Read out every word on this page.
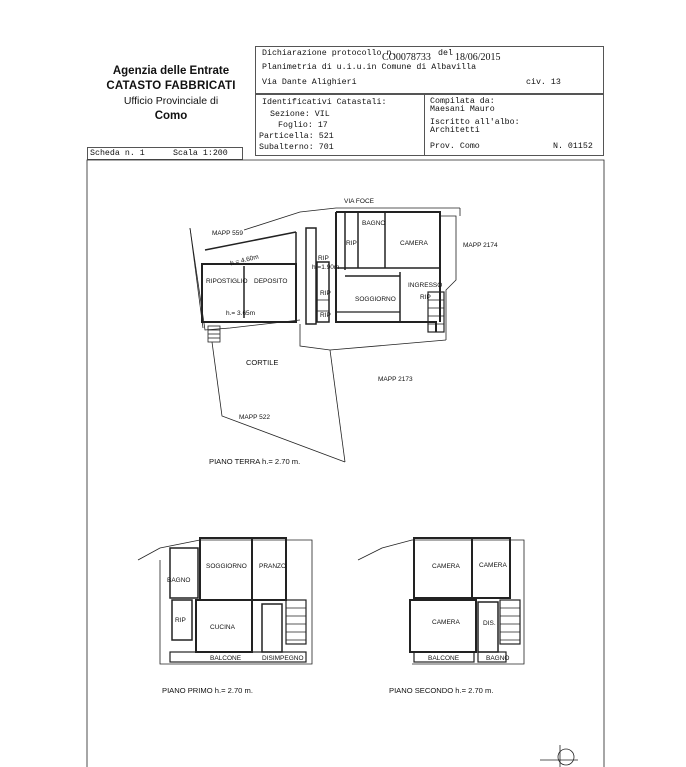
Agenzia delle Entrate
CATASTO FABBRICATI
Ufficio Provinciale di
Como
Dichiarazione protocollo n.
CO0078733 del 18/06/2015
Planimetria di u.i.u.in Comune di Albavilla
Via Dante Alighieri	civ. 13
Identificativi Catastali:
Sezione: VIL
Foglio: 17
Particella: 521
Subalterno: 701
Compilata da:
Maesani Mauro
Iscritto all'albo:
Architetti
Prov. Como	N. 01152
Scheda n. 1	Scala 1:200
VIA FOCE
MAPP 559
MAPP 2174
BAGNO
CAMERA
RIP
RIP
h.= 4.60m
h.=1.90m
RIPOSTIGLIO DEPOSITO
INGRESSO
RIP
RIP
SOGGIORNO
h.= 3.65m	RIP
CORTILE
MAPP 2173
MAPP 522
PIANO TERRA h.= 2.70 m.
SOGGIORNO PRANZO
BAGNO
RIP
CUCINA
BALCONE	DISIMPEGNO
PIANO PRIMO h.= 2.70 m.
CAMERA	CAMERA
CAMERA	DIS.
BALCONE	BAGNO
PIANO SECONDO h.= 2.70 m.
